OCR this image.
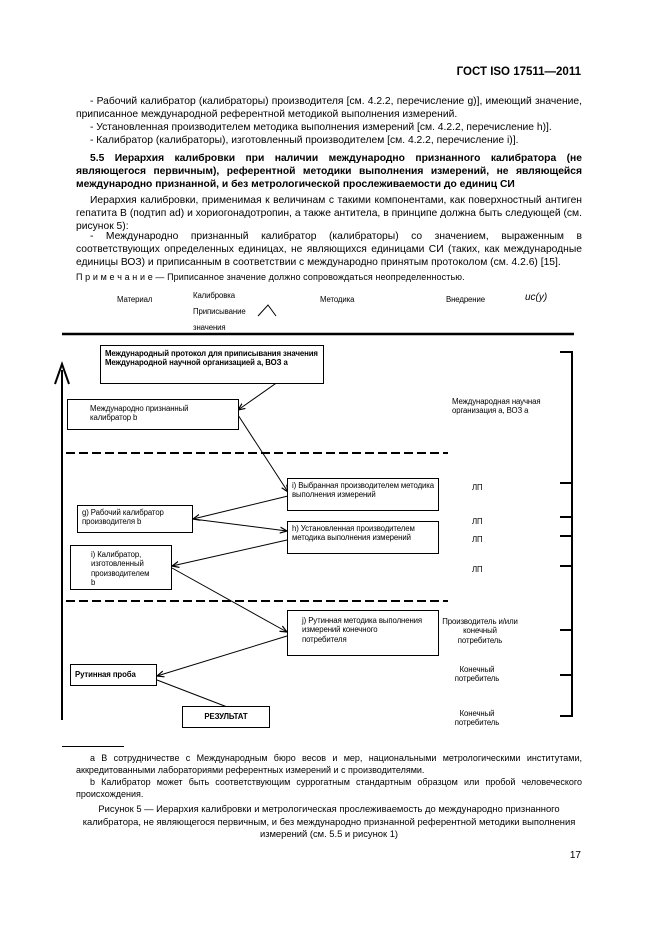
ГОСТ ISO 17511—2011

- Рабочий калибратор (калибраторы) производителя [см. 4.2.2, перечисление g)], имеющий значение, приписанное международной референтной методикой выполнения измерений.

- Установленная производителем методика выполнения измерений [см. 4.2.2, перечисление h)].

- Калибратор (калибраторы), изготовленный производителем [см. 4.2.2, перечисление i)].

5.5 Иерархия калибровки при наличии международно признанного калибратора (не являющегося первичным), референтной методики выполнения измерений, не являющейся международно признанной, и без метрологической прослеживаемости до единиц СИ

Иерархия калибровки, применимая к величинам с такими компонентами, как поверхностный антиген гепатита В (подтип ad) и хориогонадотропин, а также антитела, в принципе должна быть следующей (см. рисунок 5):

- Международно признанный калибратор (калибраторы) со значением, выраженным в соответствующих определенных единицах, не являющихся единицами СИ (таких, как международные единицы ВОЗ) и приписанным в соответствии с международно принятым протоколом (см. 4.2.6) [15].

П р и м е ч а н и е — Приписанное значение должно сопровождаться неопределенностью.
Материал	Калибровка
Приписывание
значения
Методика	Внедрение	uc(y)
Международный протокол для приписывания значения Международной научной организацией а, ВОЗ а
Международно признанный калибратор b
i) Выбранная производителем методика выполнения измерений
g) Рабочий калибратор производителя b
h) Установленная производителем методика выполнения измерений
i) Калибратор, изготовленный производителем b
j) Рутинная методика выполнения измерений конечного потребителя
Рутинная проба
РЕЗУЛЬТАТ
Международная научная организация а, ВОЗ а
ЛП
ЛП
ЛП
ЛП
Производитель и/или конечный потребитель
Конечный потребитель
Конечный потребитель

а В сотрудничестве с Международным бюро весов и мер, национальными метрологическими институтами, аккредитованными лабораториями референтных измерений и с производителями.

b Калибратор может быть соответствующим суррогатным стандартным образцом или пробой человеческого происхождения.

Рисунок 5 — Иерархия калибровки и метрологическая прослеживаемость до международно признанного калибратора, не являющегося первичным, и без международно признанной референтной методики выполнения измерений (см. 5.5 и рисунок 1)

17
